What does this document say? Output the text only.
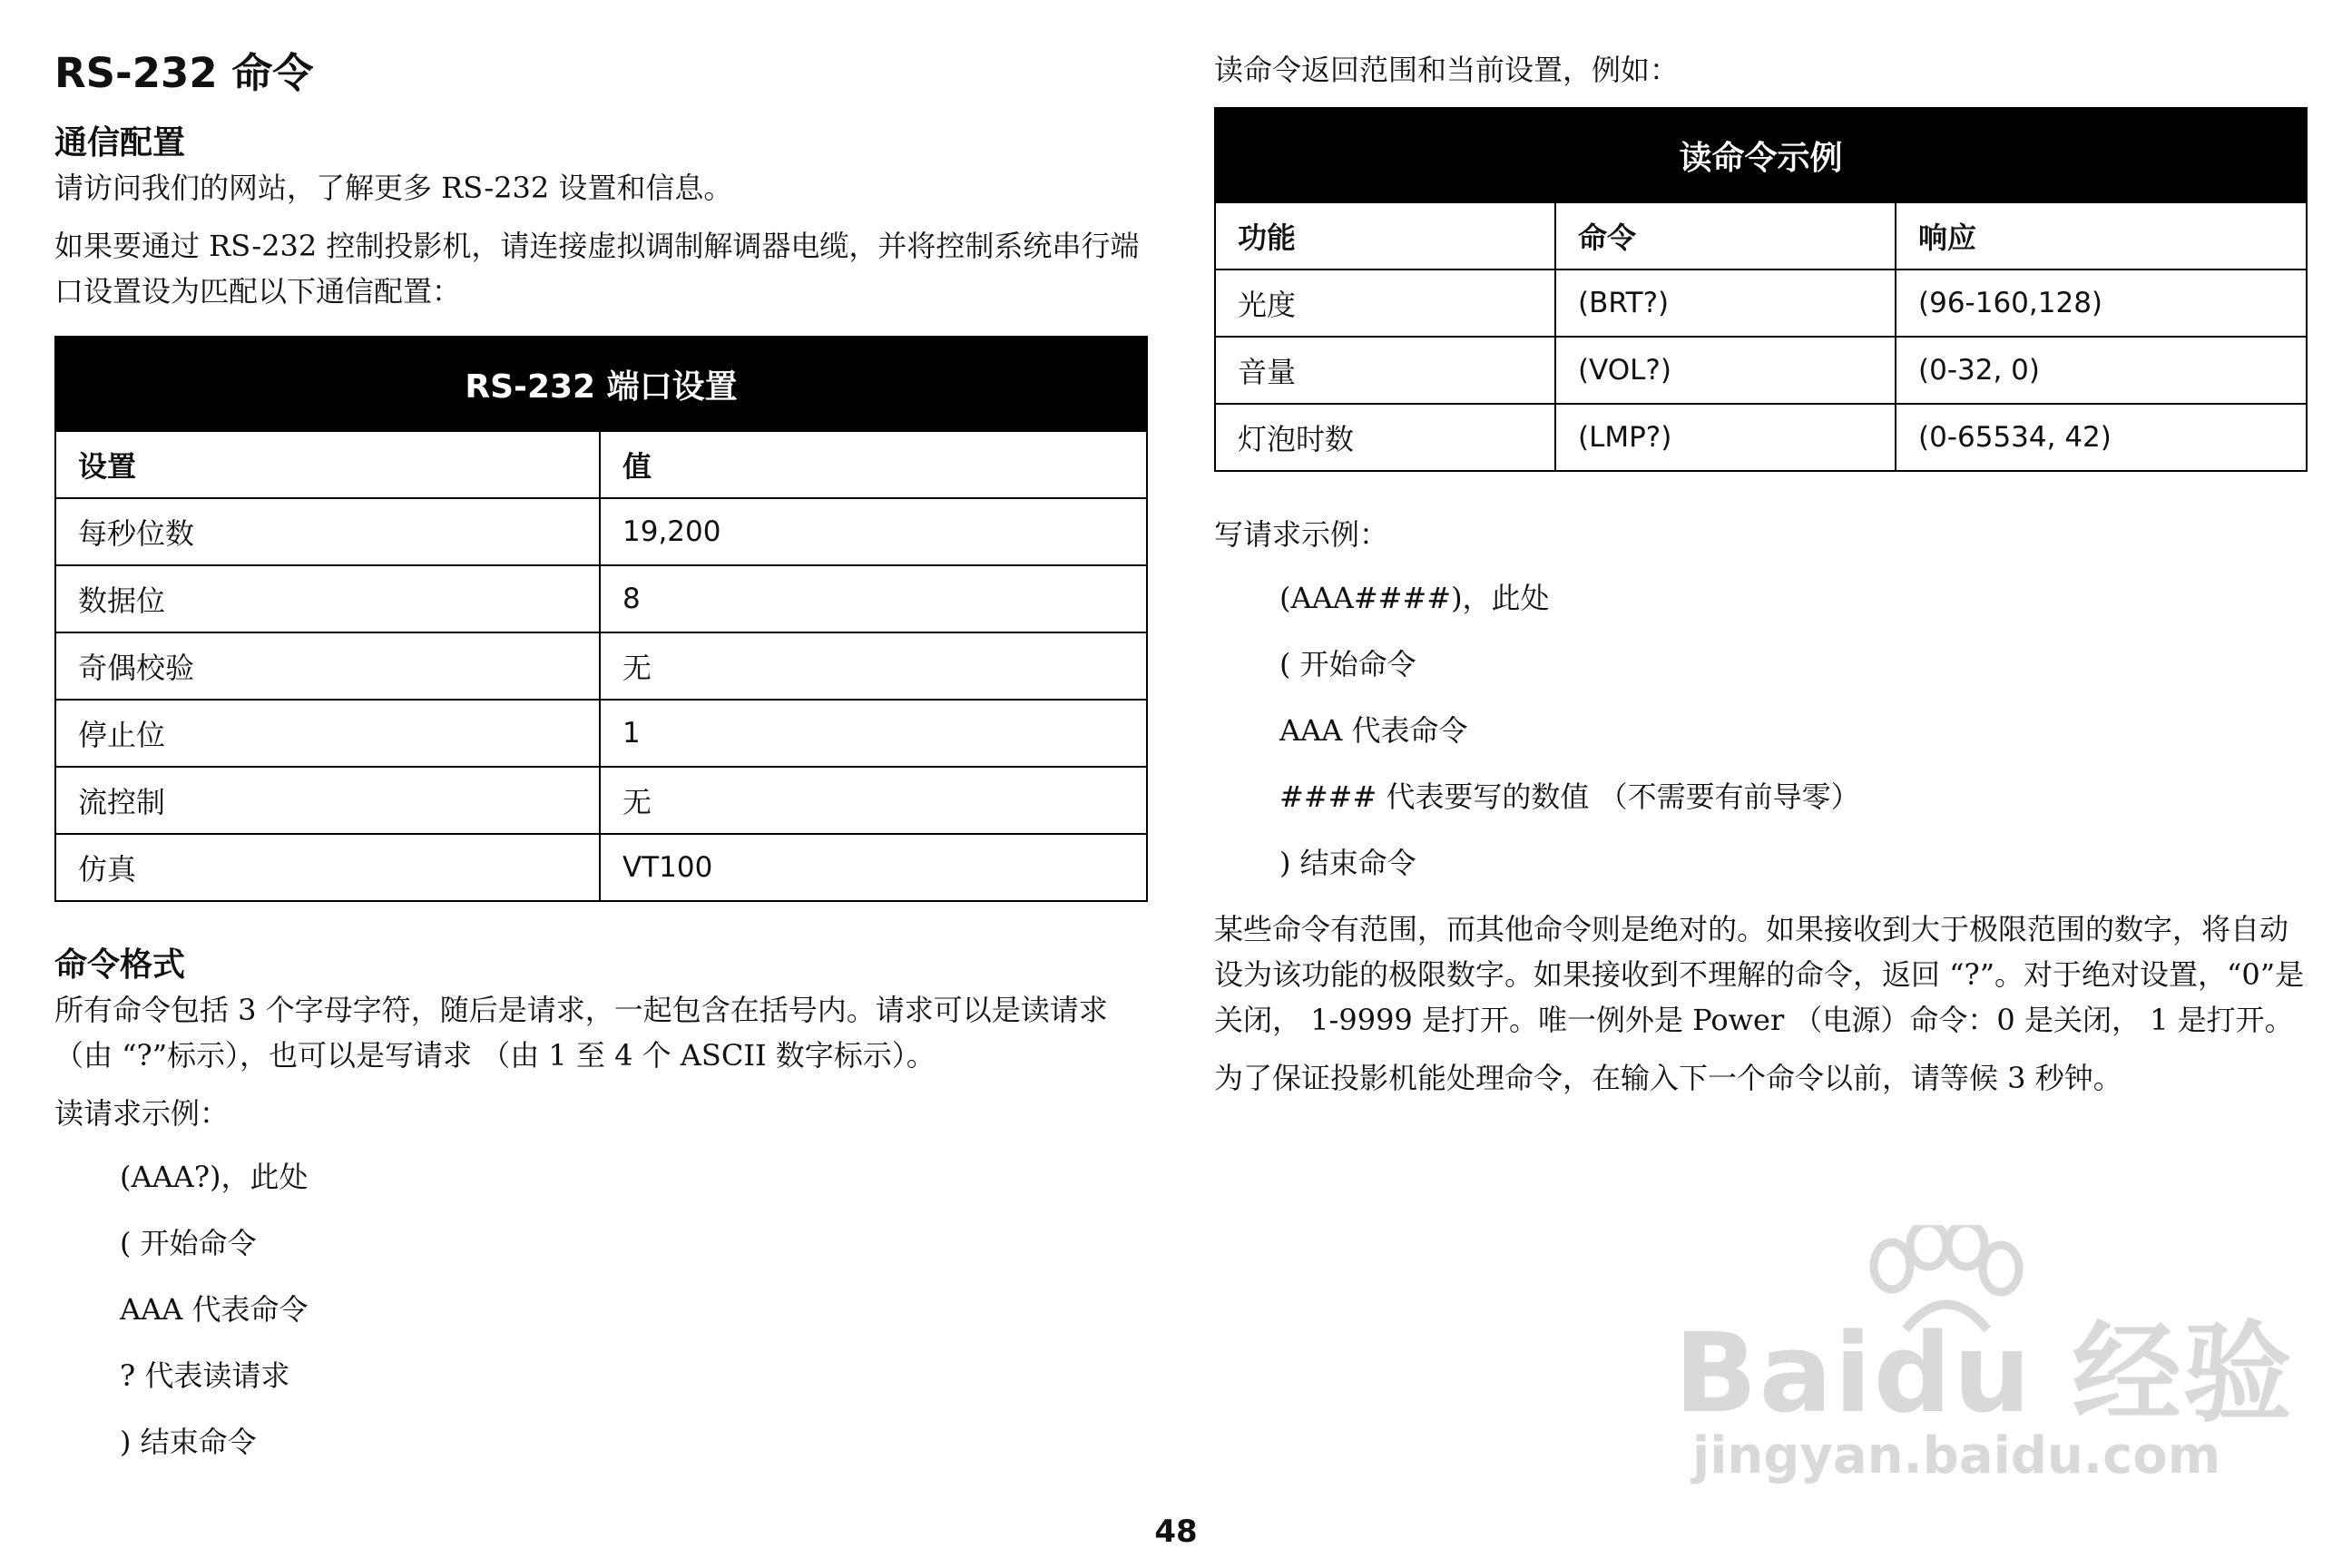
RS-232 命令
通信配置

请访问我们的网站，了解更多 RS-232 设置和信息。

如果要通过 RS-232 控制投影机，请连接虚拟调制解调器电缆，并将控制系统串行端口设置设为匹配以下通信配置：

RS-232 端口设置	
设置	值
每秒位数	19,200
数据位	8
奇偶校验	无
停止位	1
流控制	无
仿真	VT100
命令格式

所有命令包括 3 个字母字符，随后是请求，一起包含在括号内。请求可以是读请求 （由 “?”标示），也可以是写请求 （由 1 至 4 个 ASCII 数字标示）。

读请求示例：

(AAA?)，此处

( 开始命令

AAA 代表命令

? 代表读请求

) 结束命令

读命令返回范围和当前设置，例如：

读命令示例		
功能	命令	响应
光度	(BRT?)	(96-160,128)
音量	(VOL?)	(0-32, 0)
灯泡时数	(LMP?)	(0-65534, 42)

写请求示例：

(AAA####)，此处

( 开始命令

AAA 代表命令

#### 代表要写的数值 （不需要有前导零）

) 结束命令

某些命令有范围，而其他命令则是绝对的。如果接收到大于极限范围的数字，将自动设为该功能的极限数字。如果接收到不理解的命令，返回 “?”。对于绝对设置，“0”是关闭， 1-9999 是打开。唯一例外是 Power （电源）命令：0 是关闭， 1 是打开。

为了保证投影机能处理命令，在输入下一个命令以前，请等候 3 秒钟。

48
Baidu 经验
jingyan.baidu.com
